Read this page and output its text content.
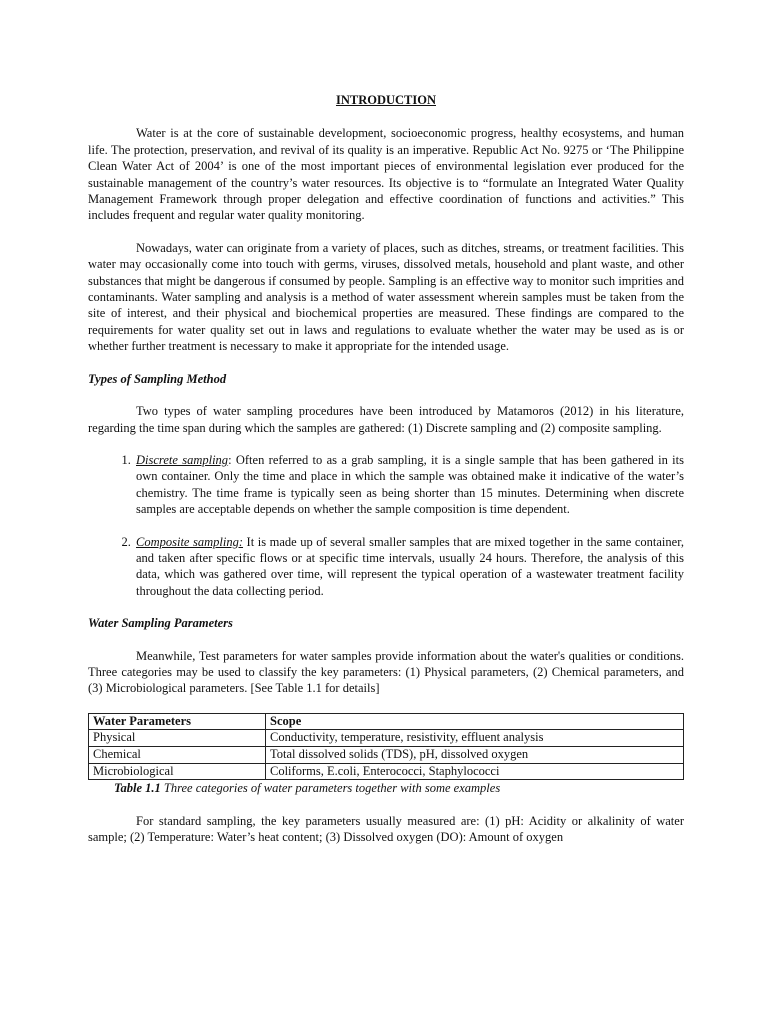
INTRODUCTION

Water is at the core of sustainable development, socioeconomic progress, healthy ecosystems, and human life. The protection, preservation, and revival of its quality is an imperative. Republic Act No. 9275 or ‘The Philippine Clean Water Act of 2004’ is one of the most important pieces of environmental legislation ever produced for the sustainable management of the country’s water resources. Its objective is to “formulate an Integrated Water Quality Management Framework through proper delegation and effective coordination of functions and activities.” This includes frequent and regular water quality monitoring.

Nowadays, water can originate from a variety of places, such as ditches, streams, or treatment facilities. This water may occasionally come into touch with germs, viruses, dissolved metals, household and plant waste, and other substances that might be dangerous if consumed by people. Sampling is an effective way to monitor such imprities and contaminants. Water sampling and analysis is a method of water assessment wherein samples must be taken from the site of interest, and their physical and biochemical properties are measured. These findings are compared to the requirements for water quality set out in laws and regulations to evaluate whether the water may be used as is or whether further treatment is necessary to make it appropriate for the intended usage.

Types of Sampling Method

Two types of water sampling procedures have been introduced by Matamoros (2012) in his literature, regarding the time span during which the samples are gathered: (1) Discrete sampling and (2) composite sampling.

1. Discrete sampling: Often referred to as a grab sampling, it is a single sample that has been gathered in its own container. Only the time and place in which the sample was obtained make it indicative of the water’s chemistry. The time frame is typically seen as being shorter than 15 minutes. Determining when discrete samples are acceptable depends on whether the sample composition is time dependent.
2. Composite sampling: It is made up of several smaller samples that are mixed together in the same container, and taken after specific flows or at specific time intervals, usually 24 hours. Therefore, the analysis of this data, which was gathered over time, will represent the typical operation of a wastewater treatment facility throughout the data collecting period.
Water Sampling Parameters

Meanwhile, Test parameters for water samples provide information about the water's qualities or conditions. Three categories may be used to classify the key parameters: (1) Physical parameters, (2) Chemical parameters, and (3) Microbiological parameters. [See Table 1.1 for details]

Water Parameters	Scope
Physical	Conductivity, temperature, resistivity, effluent analysis
Chemical	Total dissolved solids (TDS), pH, dissolved oxygen
Microbiological	Coliforms, E.coli, Enterococci, Staphylococci
Table 1.1 Three categories of water parameters together with some examples

For standard sampling, the key parameters usually measured are: (1) pH: Acidity or alkalinity of water sample; (2) Temperature: Water’s heat content; (3) Dissolved oxygen (DO): Amount of oxygen
